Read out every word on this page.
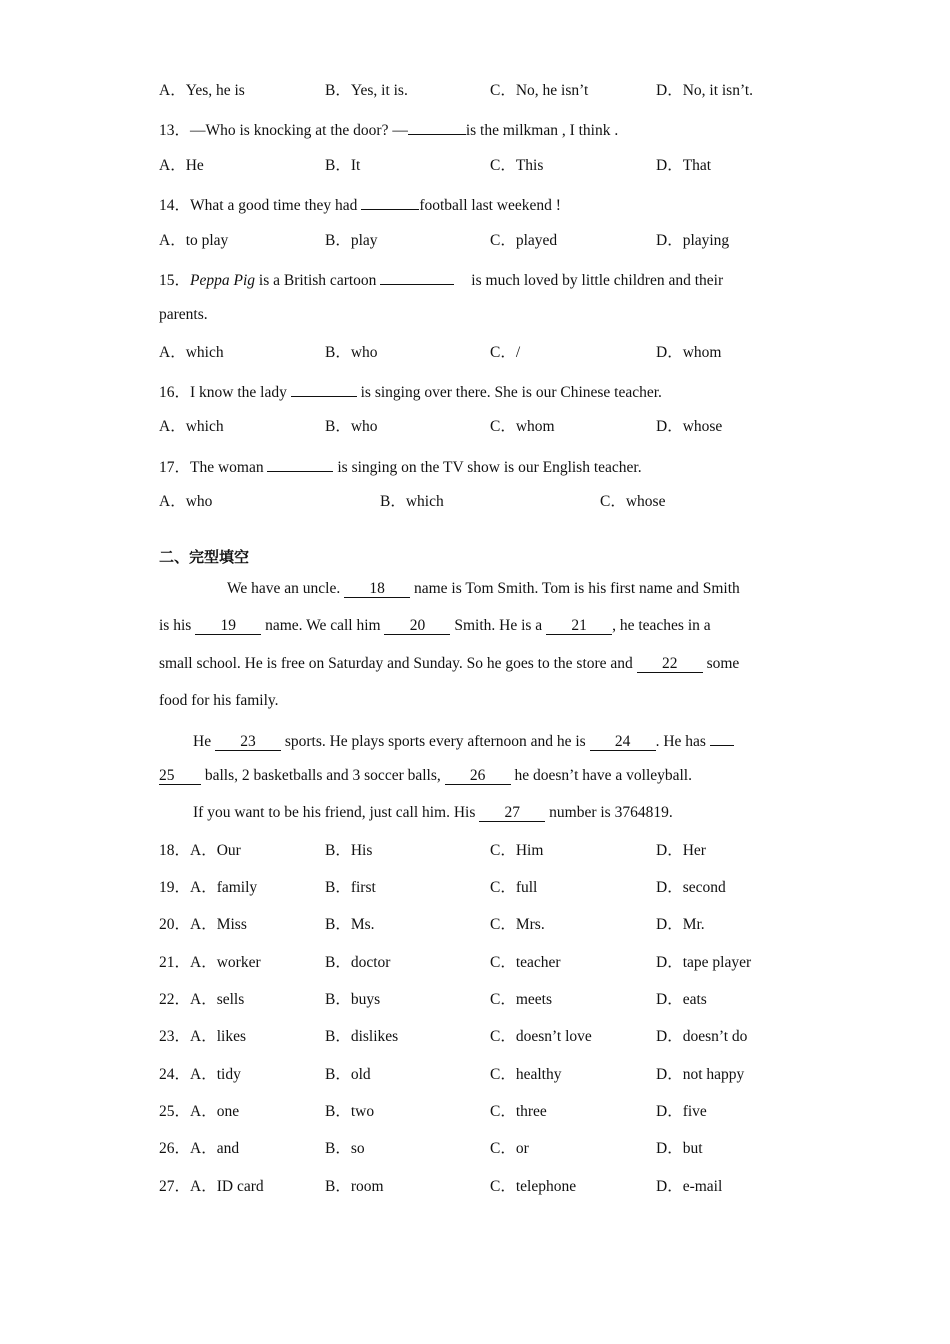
A．Yes, he is	B．Yes, it is.	C．No, he isn’t	D．No, it isn’t.
13．—Who is knocking at the door? —	is the milkman , I think .
A．He	B．It	C．This	D．That
14．What a good time they had	football last weekend !
A．to play	B．play	C．played	D．playing
15．Peppa Pig is a British cartoon	is much loved by little children and their
parents.
A．which	B．who	C．/	D．whom
16．I know the lady	is singing over there. She is our Chinese teacher.
A．which	B．who	C．whom	D．whose
17．The woman	is singing on the TV show is our English teacher.
A．who	B．which	C．whose
二、完型填空
We have an uncle. 18 name is Tom Smith. Tom is his first name and Smith
is his 19 name. We call him 20 Smith. He is a 21 , he teaches in a
small school. He is free on Saturday and Sunday. So he goes to the store and 22 some
food for his family.
He 23 sports. He plays sports every afternoon and he is 24 . He has
25 balls, 2 basketballs and 3 soccer balls, 26 he doesn’t have a volleyball.
If you want to be his friend, just call him. His 27 number is 3764819.
18．A．Our	B．His	C．Him	D．Her
19．A．family	B．first	C．full	D．second
20．A．Miss	B．Ms.	C．Mrs.	D．Mr.
21．A．worker	B．doctor	C．teacher	D．tape player
22．A．sells	B．buys	C．meets	D．eats
23．A．likes	B．dislikes	C．doesn’t love	D．doesn’t do
24．A．tidy	B．old	C．healthy	D．not happy
25．A．one	B．two	C．three	D．five
26．A．and	B．so	C．or	D．but
27．A．ID card	B．room	C．telephone	D．e-mail
